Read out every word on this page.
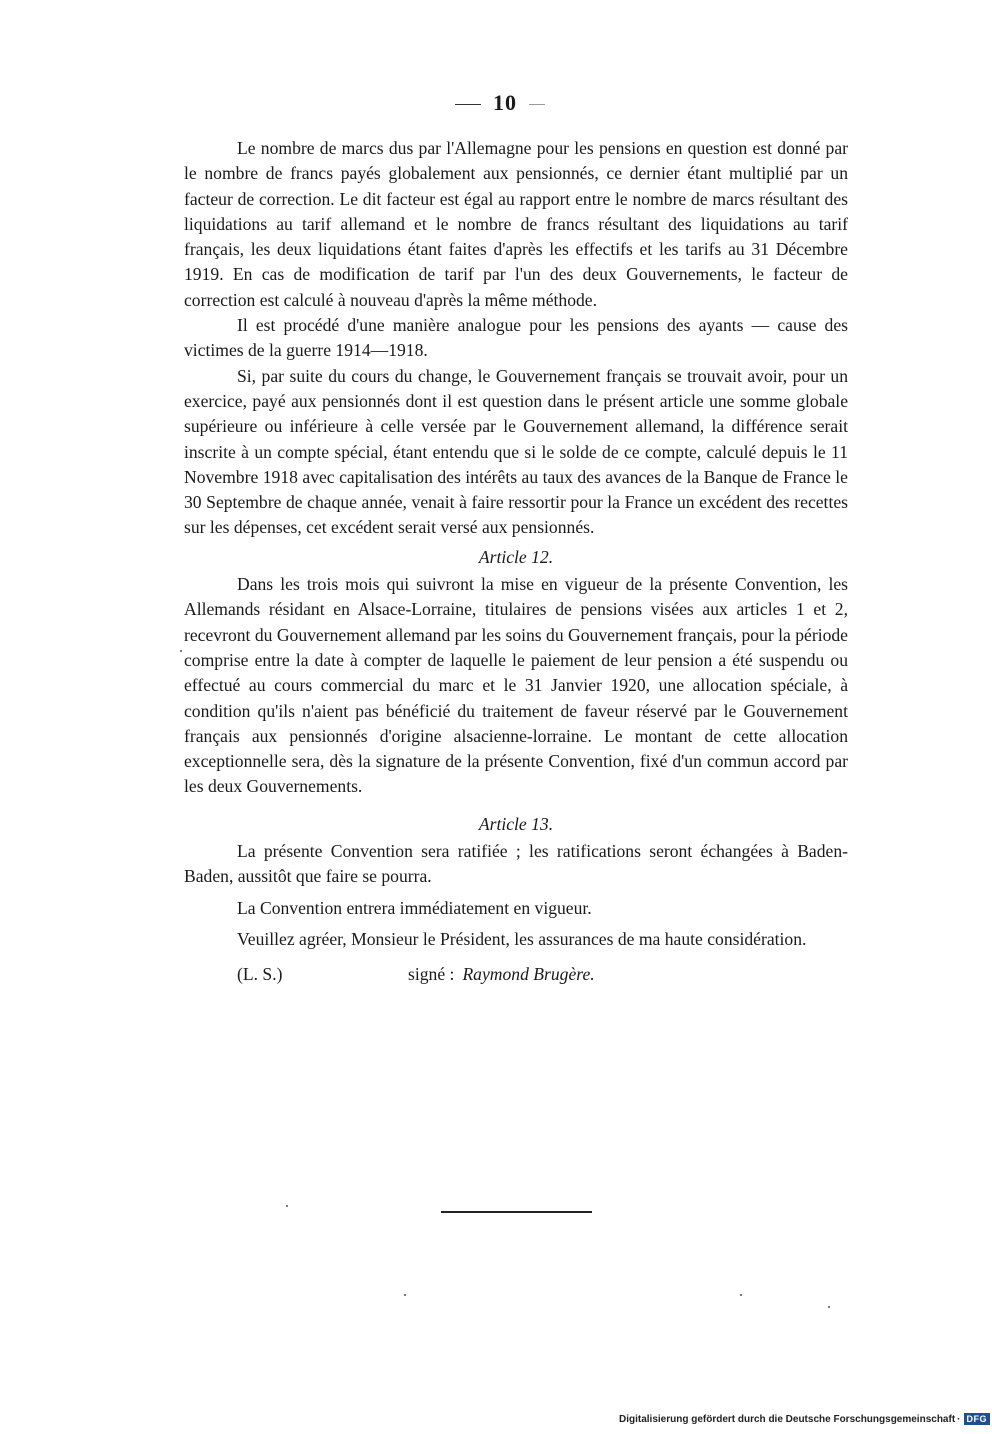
10

Le nombre de marcs dus par l'Allemagne pour les pensions en question est donné par le nombre de francs payés globalement aux pensionnés, ce dernier étant multiplié par un facteur de correction. Le dit facteur est égal au rapport entre le nombre de marcs résultant des liquidations au tarif allemand et le nombre de francs résultant des liquidations au tarif français, les deux liquidations étant faites d'après les effectifs et les tarifs au 31 Décembre 1919. En cas de modification de tarif par l'un des deux Gouvernements, le facteur de correction est calculé à nouveau d'après la même méthode.

Il est procédé d'une manière analogue pour les pensions des ayants — cause des victimes de la guerre 1914—1918.

Si, par suite du cours du change, le Gouvernement français se trouvait avoir, pour un exercice, payé aux pensionnés dont il est question dans le présent article une somme globale supérieure ou inférieure à celle versée par le Gouvernement allemand, la différence serait inscrite à un compte spécial, étant entendu que si le solde de ce compte, calculé depuis le 11 Novembre 1918 avec capitalisation des intérêts au taux des avances de la Banque de France le 30 Septembre de chaque année, venait à faire ressortir pour la France un excédent des recettes sur les dépenses, cet excédent serait versé aux pensionnés.

Article 12.

Dans les trois mois qui suivront la mise en vigueur de la présente Convention, les Allemands résidant en Alsace-Lorraine, titulaires de pensions visées aux articles 1 et 2, recevront du Gouvernement allemand par les soins du Gouvernement français, pour la période comprise entre la date à compter de laquelle le paiement de leur pension a été suspendu ou effectué au cours commercial du marc et le 31 Janvier 1920, une allocation spéciale, à condition qu'ils n'aient pas bénéficié du traitement de faveur réservé par le Gouvernement français aux pensionnés d'origine alsacienne-lorraine. Le montant de cette allocation exceptionnelle sera, dès la signature de la présente Convention, fixé d'un commun accord par les deux Gouvernements.

Article 13.

La présente Convention sera ratifiée ; les ratifications seront échangées à Baden-Baden, aussitôt que faire se pourra.

La Convention entrera immédiatement en vigueur.

Veuillez agréer, Monsieur le Président, les assurances de ma haute considération.

(L. S.)	signé : Raymond Brugère.
Digitalisierung gefördert durch die Deutsche Forschungsgemeinschaft · DFG
